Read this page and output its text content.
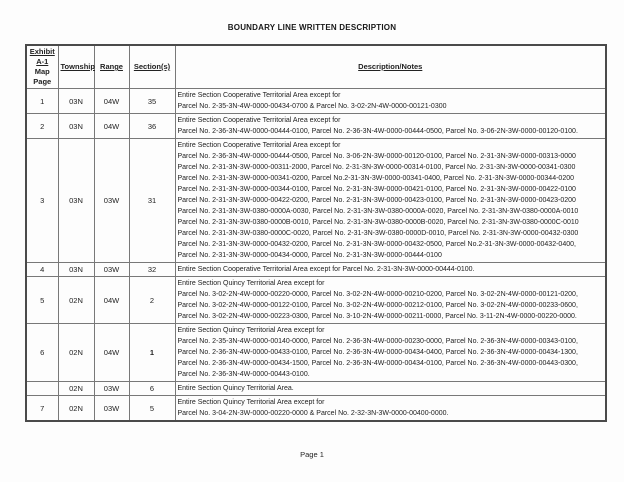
BOUNDARY LINE WRITTEN DESCRIPTION
Exhibit A-1
Map Page	Township	Range	Section(s)	Description/Notes
1	03N	04W	35	Entire Section Cooperative Territorial Area except for
Parcel No. 2-35-3N-4W-0000-00434-0700 & Parcel No. 3-02-2N-4W-0000-00121-0300

2	03N	04W	36	Entire Section Cooperative Territorial Area except for
Parcel No. 2-36-3N-4W-0000-00444-0100, Parcel No. 2-36-3N-4W-0000-00444-0500, Parcel No. 3-06-2N-3W-0000-00120-0100.

3	03N	03W	31	
Entire Section Cooperative Territorial Area except for
Parcel No. 2-36-3N-4W-0000-00444-0500, Parcel No. 3-06-2N-3W-0000-00120-0100, Parcel No. 2-31-3N-3W-0000-00313-0000
Parcel No. 2-31-3N-3W-0000-00311-2000, Parcel No. 2-31-3N-3W-0000-00314-0100, Parcel No. 2-31-3N-3W-0000-00341-0300
Parcel No. 2-31-3N-3W-0000-00341-0200, Parcel No.2-31-3N-3W-0000-00341-0400, Parcel No. 2-31-3N-3W-0000-00344-0200
Parcel No. 2-31-3N-3W-0000-00344-0100, Parcel No. 2-31-3N-3W-0000-00421-0100, Parcel No. 2-31-3N-3W-0000-00422-0100
Parcel No. 2-31-3N-3W-0000-00422-0200, Parcel No. 2-31-3N-3W-0000-00423-0100, Parcel No. 2-31-3N-3W-0000-00423-0200
Parcel No. 2-31-3N-3W-0380-0000A-0030, Parcel No. 2-31-3N-3W-0380-0000A-0020, Parcel No. 2-31-3N-3W-0380-0000A-0010
Parcel No. 2-31-3N-3W-0380-0000B-0010, Parcel No. 2-31-3N-3W-0380-0000B-0020, Parcel No. 2-31-3N-3W-0380-0000C-0010
Parcel No. 2-31-3N-3W-0380-0000C-0020, Parcel No. 2-31-3N-3W-0380-0000D-0010, Parcel No. 2-31-3N-3W-0000-00432-0300
Parcel No. 2-31-3N-3W-0000-00432-0200, Parcel No. 2-31-3N-3W-0000-00432-0500, Parcel No.2-31-3N-3W-0000-00432-0400,
Parcel No. 2-31-3N-3W-0000-00434-0000, Parcel No. 2-31-3N-3W-0000-00444-0100

4	03N	03W	32	Entire Section Cooperative Territorial Area except for Parcel No. 2-31-3N-3W-0000-00444-0100.

5	02N	04W	2	Entire Section Quincy Territorial Area except for
Parcel No. 3-02-2N-4W-0000-00220-0000, Parcel No. 3-02-2N-4W-0000-00210-0200, Parcel No. 3-02-2N-4W-0000-00121-0200,
Parcel No. 3-02-2N-4W-0000-00122-0100, Parcel No. 3-02-2N-4W-0000-00212-0100, Parcel No. 3-02-2N-4W-0000-00233-0600,
Parcel No. 3-02-2N-4W-0000-00223-0300, Parcel No. 3-10-2N-4W-0000-00211-0000, Parcel No. 3-11-2N-4W-0000-00220-0000.

6	02N	04W	1	Entire Section Quincy Territorial Area except for
Parcel No. 2-35-3N-4W-0000-00140-0000, Parcel No. 2-36-3N-4W-0000-00230-0000, Parcel No. 2-36-3N-4W-0000-00343-0100,
Parcel No. 2-36-3N-4W-0000-00433-0100, Parcel No. 2-36-3N-4W-0000-00434-0400, Parcel No. 2-36-3N-4W-0000-00434-1300,
Parcel No. 2-36-3N-4W-0000-00434-1500, Parcel No. 2-36-3N-4W-0000-00434-0100, Parcel No. 2-36-3N-4W-0000-00443-0300,
Parcel No. 2-36-3N-4W-0000-00443-0100.

	02N	03W	6	Entire Section Quincy Territorial Area.

7	02N	03W	5	Entire Section Quincy Territorial Area except for
Parcel No. 3-04-2N-3W-0000-00220-0000 & Parcel No. 2-32-3N-3W-0000-00400-0000.
Page 1
